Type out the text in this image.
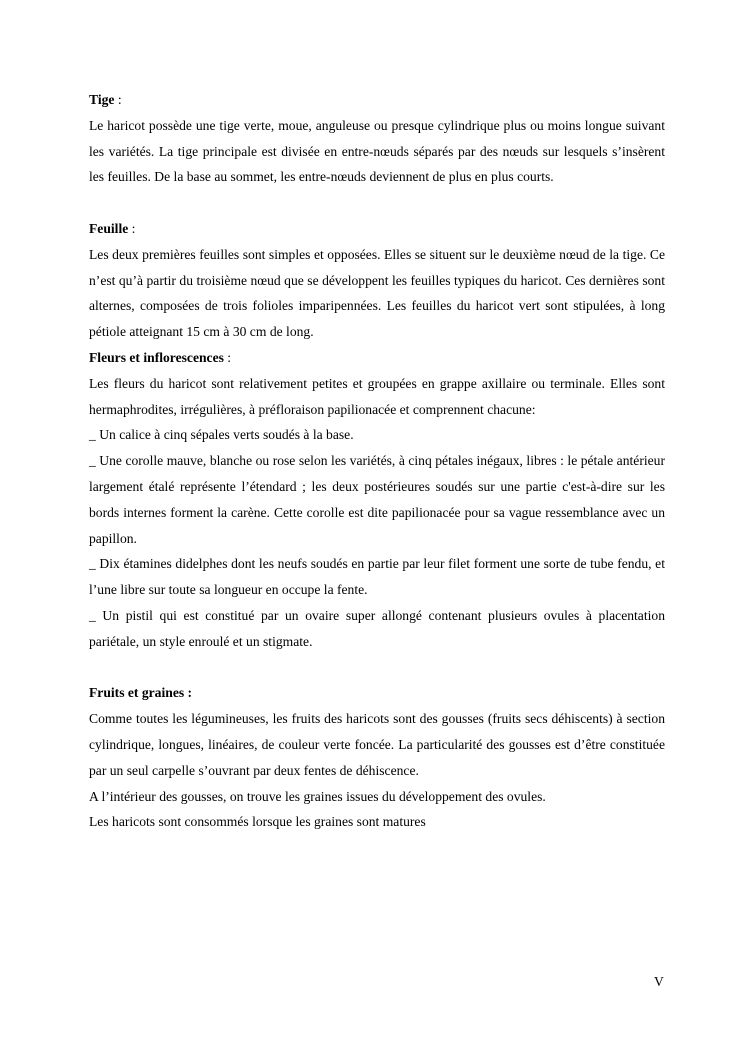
Tige :

Le haricot possède une tige verte, moue, anguleuse ou presque cylindrique plus ou moins longue suivant les variétés. La tige principale est divisée en entre-nœuds séparés par des nœuds sur lesquels s’insèrent les feuilles. De la base au sommet, les entre-nœuds deviennent de plus en plus courts.

Feuille :

Les deux premières feuilles sont simples et opposées. Elles se situent sur le deuxième nœud de la tige. Ce n’est qu’à partir du troisième nœud que se développent les feuilles typiques du haricot. Ces dernières sont alternes, composées de trois folioles imparipennées. Les feuilles du haricot vert sont stipulées, à long pétiole atteignant 15 cm à 30 cm de long.

Fleurs et inflorescences :

Les fleurs du haricot sont relativement petites et groupées en grappe axillaire ou terminale. Elles sont hermaphrodites, irrégulières, à préfloraison papilionacée et comprennent chacune:

_ Un calice à cinq sépales verts soudés à la base.

_ Une corolle mauve, blanche ou rose selon les variétés, à cinq pétales inégaux, libres : le pétale antérieur largement étalé représente l’étendard ; les deux postérieures soudés sur une partie c'est-à-dire sur les bords internes forment la carène. Cette corolle est dite papilionacée pour sa vague ressemblance avec un papillon.

_ Dix étamines didelphes dont les neufs soudés en partie par leur filet forment une sorte de tube fendu, et l’une libre sur toute sa longueur en occupe la fente.

_ Un pistil qui est constitué par un ovaire super allongé contenant plusieurs ovules à placentation pariétale, un style enroulé et un stigmate.

Fruits et graines :

Comme toutes les légumineuses, les fruits des haricots sont des gousses (fruits secs déhiscents) à section cylindrique, longues, linéaires, de couleur verte foncée. La particularité des gousses est d’être constituée par un seul carpelle s’ouvrant par deux fentes de déhiscence.

A l’intérieur des gousses, on trouve les graines issues du développement des ovules.

Les haricots sont consommés lorsque les graines sont matures

V
